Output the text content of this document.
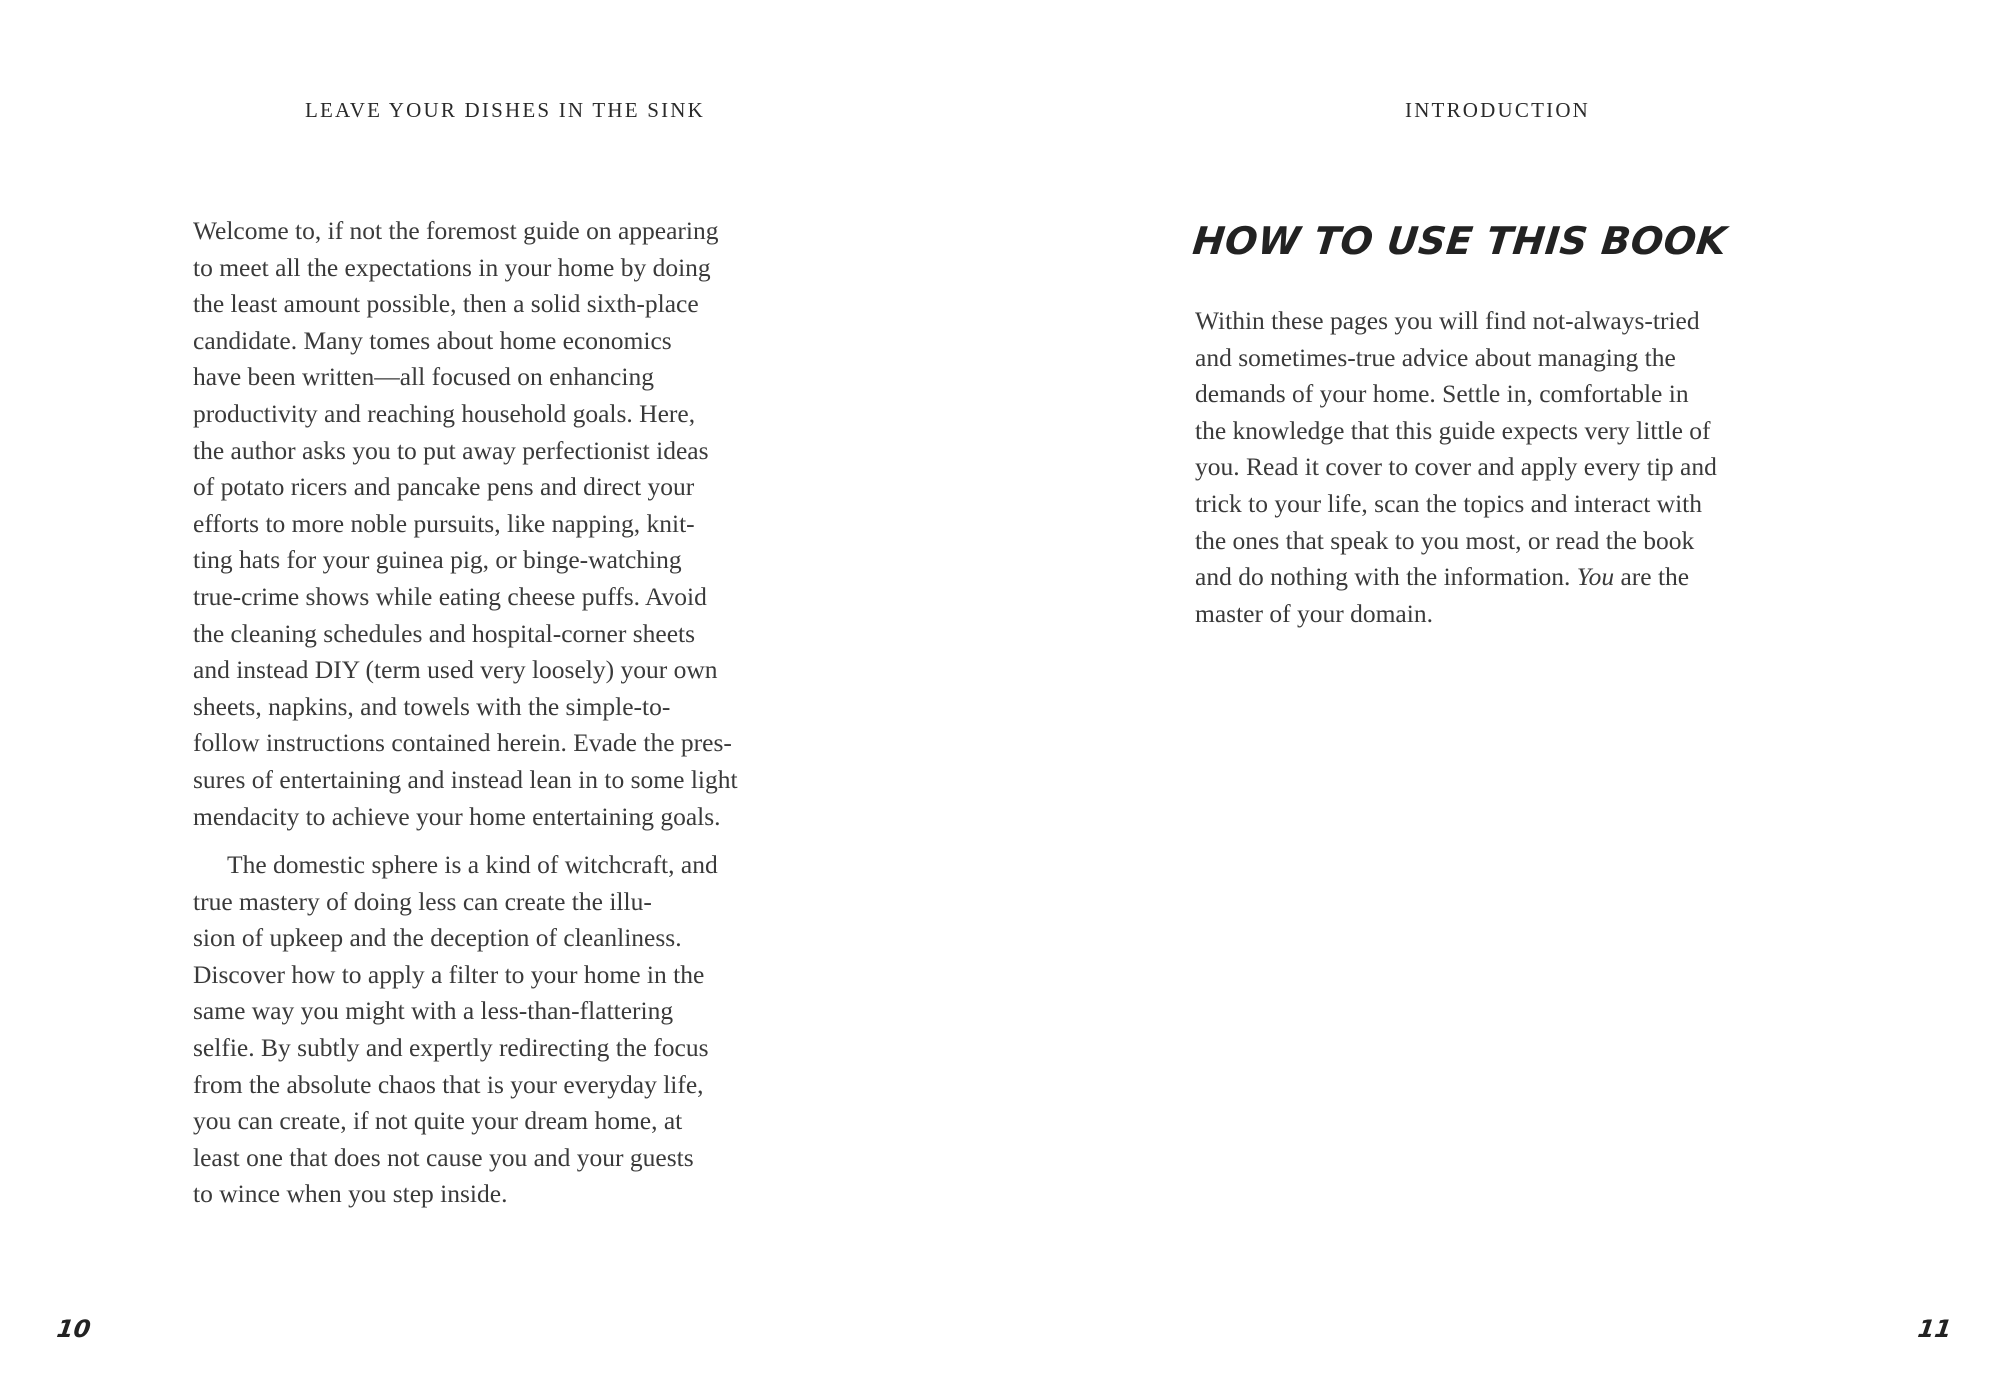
LEAVE YOUR DISHES IN THE SINK
Welcome to, if not the foremost guide on appearing
to meet all the expectations in your home by doing
the least amount possible, then a solid sixth-place
candidate. Many tomes about home economics
have been written—all focused on enhancing
productivity and reaching household goals. Here,
the author asks you to put away perfectionist ideas
of potato ricers and pancake pens and direct your
efforts to more noble pursuits, like napping, knit-
ting hats for your guinea pig, or binge-watching
true-crime shows while eating cheese puffs. Avoid
the cleaning schedules and hospital-corner sheets
and instead DIY (term used very loosely) your own
sheets, napkins, and towels with the simple-to-
follow instructions contained herein. Evade the pres-
sures of entertaining and instead lean in to some light
mendacity to achieve your home entertaining goals.
The domestic sphere is a kind of witchcraft, and
true mastery of doing less can create the illu-
sion of upkeep and the deception of cleanliness.
Discover how to apply a filter to your home in the
same way you might with a less-than-flattering
selfie. By subtly and expertly redirecting the focus
from the absolute chaos that is your everyday life,
you can create, if not quite your dream home, at
least one that does not cause you and your guests
to wince when you step inside.
10
INTRODUCTION
HOW TO USE THIS BOOK
Within these pages you will find not-always-tried
and sometimes-true advice about managing the
demands of your home. Settle in, comfortable in
the knowledge that this guide expects very little of
you. Read it cover to cover and apply every tip and
trick to your life, scan the topics and interact with
the ones that speak to you most, or read the book
and do nothing with the information. You are the
master of your domain.
11
